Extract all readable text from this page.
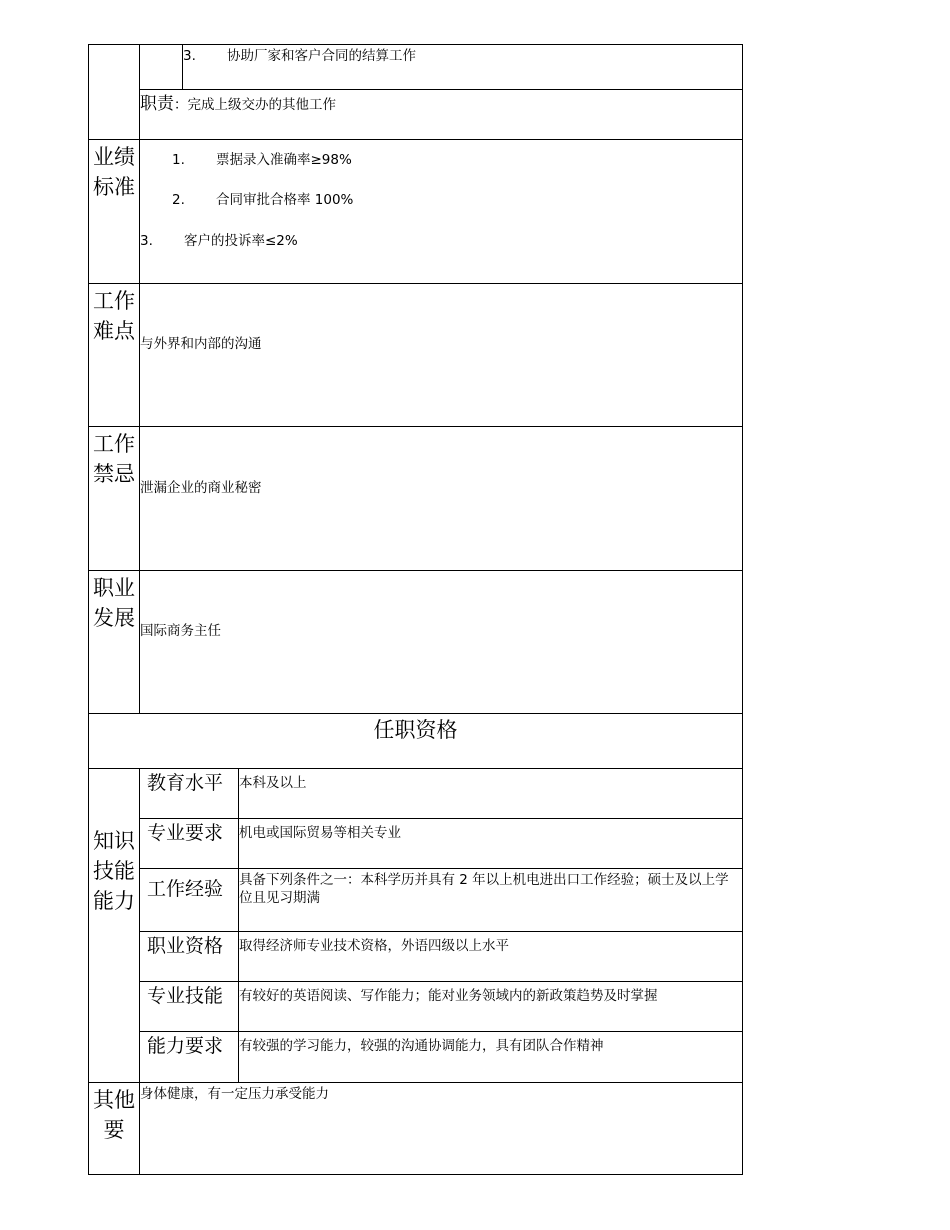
3. 协助厂家和客户合同的结算工作
职责：完成上级交办的其他工作
业绩标准
1. 票据录入准确率≥98%
2. 合同审批合格率 100%
3. 客户的投诉率≤2%
工作难点
与外界和内部的沟通
工作禁忌
泄漏企业的商业秘密
职业发展
国际商务主任
任职资格
知识技能能力
教育水平 本科及以上
专业要求 机电或国际贸易等相关专业
工作经验 具备下列条件之一：本科学历并具有 2 年以上机电进出口工作经验；硕士及以上学位且见习期满
职业资格 取得经济师专业技术资格，外语四级以上水平
专业技能 有较好的英语阅读、写作能力；能对业务领域内的新政策趋势及时掌握
能力要求 有较强的学习能力，较强的沟通协调能力，具有团队合作精神
其他要
身体健康，有一定压力承受能力
